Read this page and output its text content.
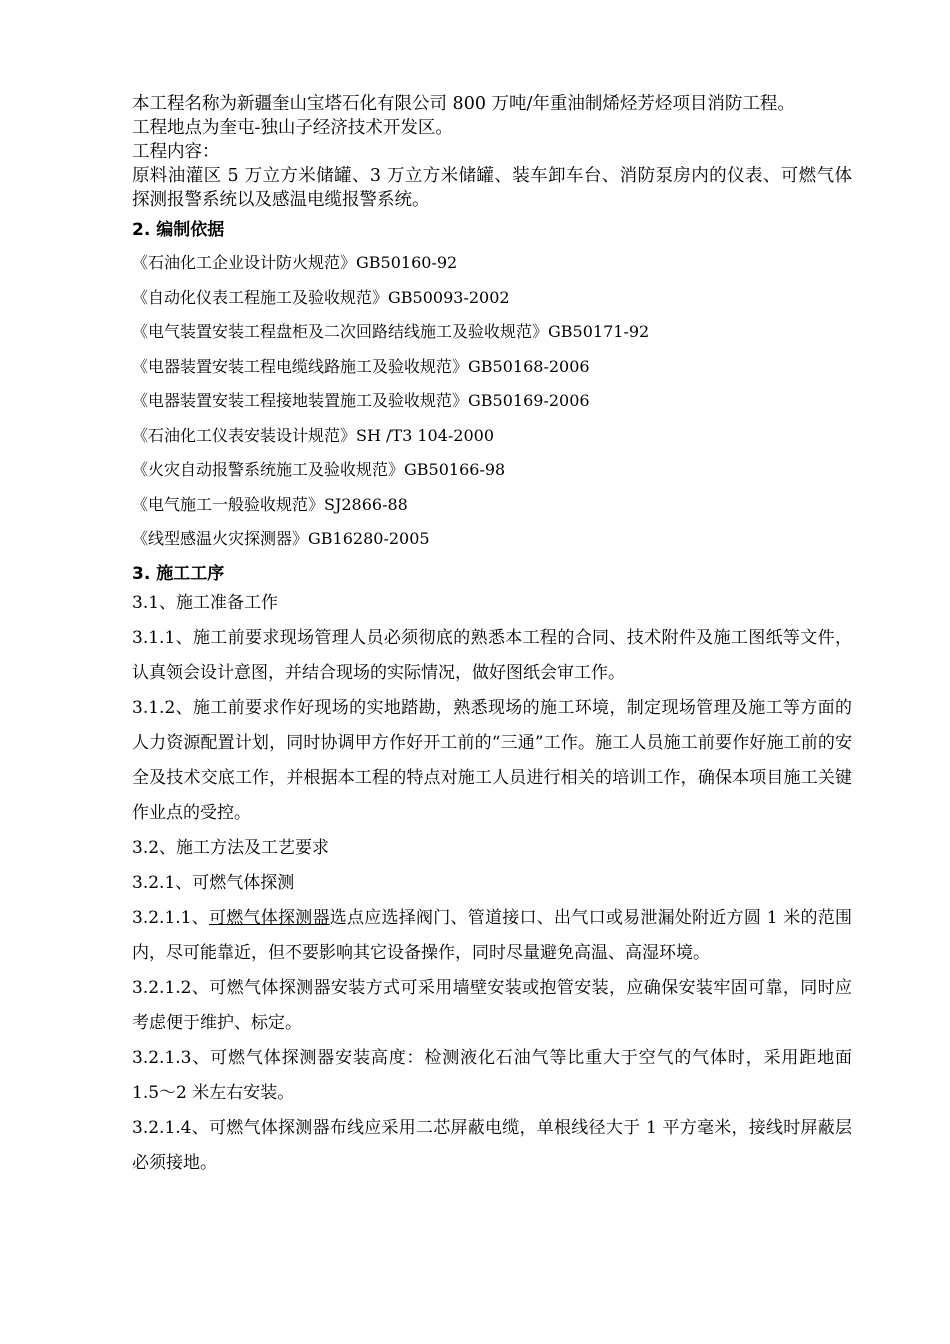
本工程名称为新疆奎山宝塔石化有限公司 800 万吨/年重油制烯烃芳烃项目消防工程。

工程地点为奎屯-独山子经济技术开发区。

工程内容：

原料油灌区 5 万立方米储罐、3 万立方米储罐、装车卸车台、消防泵房内的仪表、可燃气体探测报警系统以及感温电缆报警系统。

2. 编制依据
《石油化工企业设计防火规范》GB50160-92
《自动化仪表工程施工及验收规范》GB50093-2002
《电气装置安装工程盘柜及二次回路结线施工及验收规范》GB50171-92
《电器装置安装工程电缆线路施工及验收规范》GB50168-2006
《电器装置安装工程接地装置施工及验收规范》GB50169-2006
《石油化工仪表安装设计规范》SH /T3 104-2000
《火灾自动报警系统施工及验收规范》GB50166-98
《电气施工一般验收规范》SJ2866-88
《线型感温火灾探测器》GB16280-2005
3. 施工工序

3.1、施工准备工作

3.1.1、施工前要求现场管理人员必须彻底的熟悉本工程的合同、技术附件及施工图纸等文件，认真领会设计意图，并结合现场的实际情况，做好图纸会审工作。

3.1.2、施工前要求作好现场的实地踏勘，熟悉现场的施工环境，制定现场管理及施工等方面的人力资源配置计划，同时协调甲方作好开工前的“三通”工作。施工人员施工前要作好施工前的安全及技术交底工作，并根据本工程的特点对施工人员进行相关的培训工作，确保本项目施工关键作业点的受控。

3.2、施工方法及工艺要求

3.2.1、可燃气体探测

3.2.1.1、可燃气体探测器选点应选择阀门、管道接口、出气口或易泄漏处附近方圆 1 米的范围内，尽可能靠近，但不要影响其它设备操作，同时尽量避免高温、高湿环境。

3.2.1.2、可燃气体探测器安装方式可采用墙壁安装或抱管安装，应确保安装牢固可靠，同时应考虑便于维护、标定。

3.2.1.3、可燃气体探测器安装高度：检测液化石油气等比重大于空气的气体时，采用距地面 1.5～2 米左右安装。

3.2.1.4、可燃气体探测器布线应采用二芯屏蔽电缆，单根线径大于 1 平方毫米，接线时屏蔽层必须接地。
